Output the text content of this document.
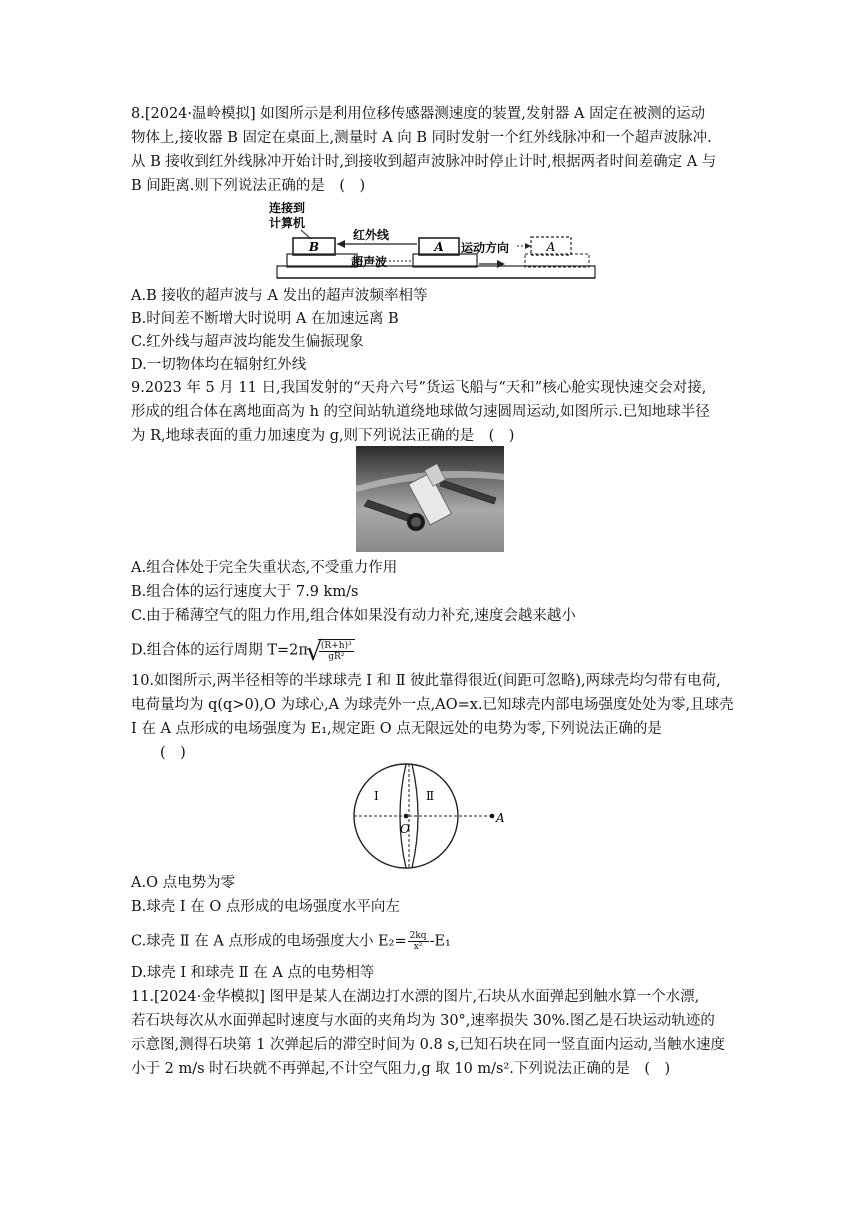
8.[2024·温岭模拟] 如图所示是利用位移传感器测速度的装置,发射器 A 固定在被测的运动
物体上,接收器 B 固定在桌面上,测量时 A 向 B 同时发射一个红外线脉冲和一个超声波脉冲.
从 B 接收到红外线脉冲开始计时,到接收到超声波脉冲时停止计时,根据两者时间差确定 A 与
B 间距离.则下列说法正确的是　(　)
B
连接到
计算机
A
红外线
超声波
运动方向	A
A.B 接收的超声波与 A 发出的超声波频率相等
B.时间差不断增大时说明 A 在加速远离 B
C.红外线与超声波均能发生偏振现象
D.一切物体均在辐射红外线
9.2023 年 5 月 11 日,我国发射的“天舟六号”货运飞船与“天和”核心舱实现快速交会对接,
形成的组合体在离地面高为 h 的空间站轨道绕地球做匀速圆周运动,如图所示.已知地球半径
为 R,地球表面的重力加速度为 g,则下列说法正确的是　(　)
A.组合体处于完全失重状态,不受重力作用
B.组合体的运行速度大于 7.9 km/s
C.由于稀薄空气的阻力作用,组合体如果没有动力补充,速度会越来越小
D.组合体的运行周期 T=2π
√ $\frac{\text{(R+h)³}}{\text{gR²}}$
10.如图所示,两半径相等的半球球壳 Ⅰ 和 Ⅱ 彼此靠得很近(间距可忽略),两球壳均匀带有电荷,
电荷量均为 q(q>0),O 为球心,A 为球壳外一点,AO=x.已知球壳内部电场强度处处为零,且球壳
Ⅰ 在 A 点形成的电场强度为 E₁,规定距 O 点无限远处的电势为零,下列说法正确的是
(　)
Ⅰ	Ⅱ
O
A
A.O 点电势为零
B.球壳 Ⅰ 在 O 点形成的电场强度水平向左
C.球壳 Ⅱ 在 A 点形成的电场强度大小 $E_2= \frac{2kq}{\text{x²}} -E_1$
D.球壳 Ⅰ 和球壳 Ⅱ 在 A 点的电势相等
11.[2024·金华模拟] 图甲是某人在湖边打水漂的图片,石块从水面弹起到触水算一个水漂,
若石块每次从水面弹起时速度与水面的夹角均为 30°,速率损失 30%.图乙是石块运动轨迹的
示意图,测得石块第 1 次弹起后的滞空时间为 0.8 s,已知石块在同一竖直面内运动,当触水速度
小于 2 m/s 时石块就不再弹起,不计空气阻力,g 取 10 m/s².下列说法正确的是　(　)
